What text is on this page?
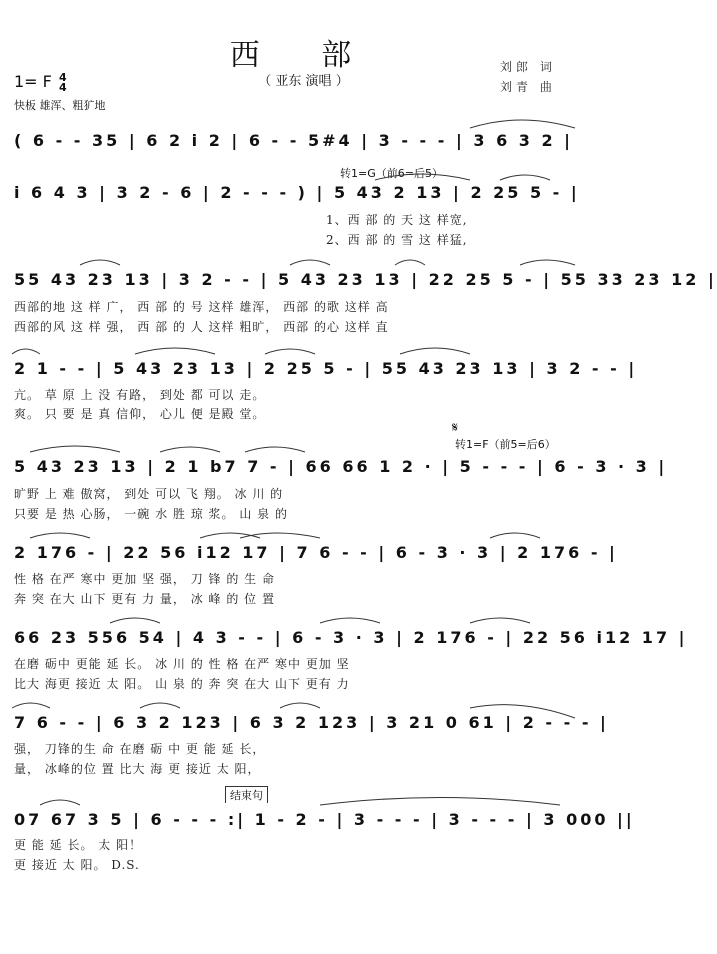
西 部
（ 亚东 演唱 ）
刘郎 词
刘青 曲
1= F 4
4
快板 雄浑、粗犷地
转1=G（前6=后5）
𝄋
转1=F（前5=后6）
结束句
( 6 - - 35 | 6 2 i 2 | 6 - - 5#4 | 3 - - - | 3 6 3 2 |
i 6 4 3 | 3 2 - 6 | 2 - - - ) | 5 43 2 13 | 2 25 5 - |
1、西 部 的 天 这 样宽,
2、西 部 的 雪 这 样猛,
55 43 23 13 | 3 2 - - | 5 43 23 13 | 22 25 5 - | 55 33 23 12 |
西部的地 这 样 广， 西 部 的 号 这样 雄浑， 西部 的歌 这样 高
西部的风 这 样 强， 西 部 的 人 这样 粗旷， 西部 的心 这样 直
2 1 - - | 5 43 23 13 | 2 25 5 - | 55 43 23 13 | 3 2 - - |
亢。 草 原 上 没 有路， 到处 都 可以 走。
爽。 只 要 是 真 信仰， 心儿 便 是殿 堂。
5 43 23 13 | 2 1 b7 7 - | 66 66 1 2 · | 5 - - - | 6 - 3 · 3 |
旷野 上 难 傲窝， 到处 可以 飞 翔。 冰 川 的
只要 是 热 心肠， 一碗 水 胜 琼 浆。 山 泉 的
2 176 - | 22 56 i12 17 | 7 6 - - | 6 - 3 · 3 | 2 176 - |
性 格 在严 寒中 更加 坚 强， 刀 锋 的 生 命
奔 突 在大 山下 更有 力 量， 冰 峰 的 位 置
66 23 556 54 | 4 3 - - | 6 - 3 · 3 | 2 176 - | 22 56 i12 17 |
在磨 砺中 更能 延 长。 冰 川 的 性 格 在严 寒中 更加 坚
比大 海更 接近 太 阳。 山 泉 的 奔 突 在大 山下 更有 力
7 6 - - | 6 3 2 123 | 6 3 2 123 | 3 21 0 61 | 2 - - - |
强， 刀锋的生 命 在磨 砺 中 更 能 延 长，
量， 冰峰的位 置 比大 海 更 接近 太 阳，
07 67 3 5 | 6 - - - :| 1 - 2 - | 3 - - - | 3 - - - | 3 000 ||
更 能 延 长。 太 阳！
更 接近 太 阳。 D.S.
